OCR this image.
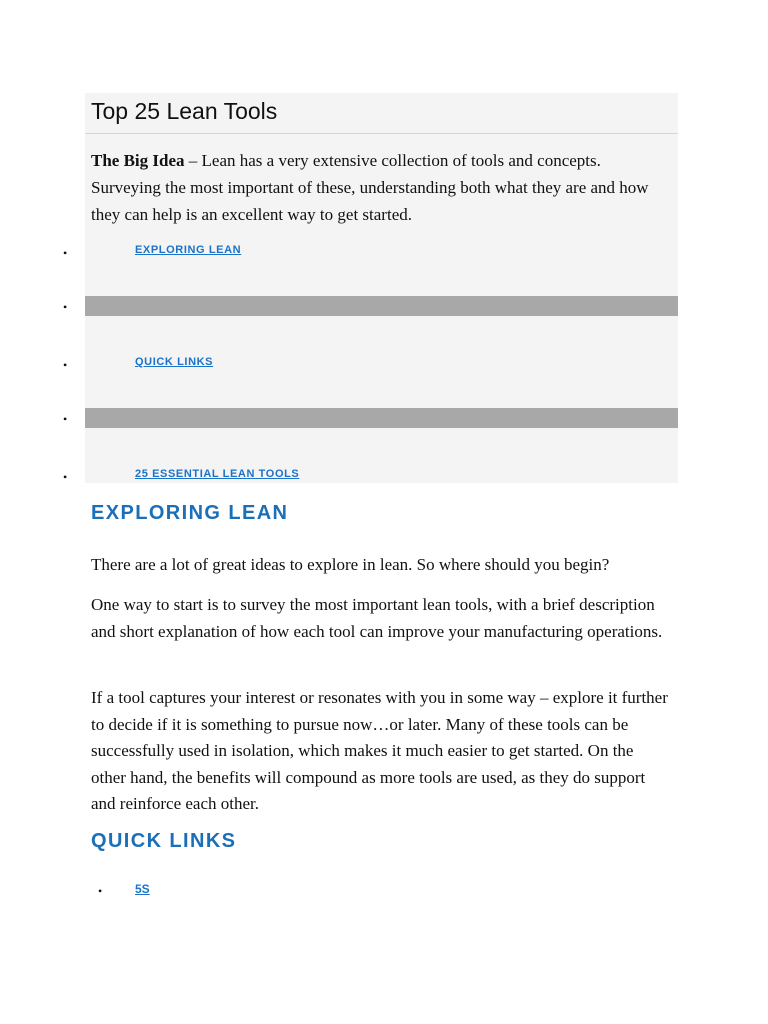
Top 25 Lean Tools

The Big Idea – Lean has a very extensive collection of tools and concepts. Surveying the most important of these, understanding both what they are and how they can help is an excellent way to get started.

•	EXPLORING LEAN
•
•	QUICK LINKS
•
•	25 ESSENTIAL LEAN TOOLS
EXPLORING LEAN

There are a lot of great ideas to explore in lean. So where should you begin?

One way to start is to survey the most important lean tools, with a brief description and short explanation of how each tool can improve your manufacturing operations.

If a tool captures your interest or resonates with you in some way – explore it further to decide if it is something to pursue now…or later. Many of these tools can be successfully used in isolation, which makes it much easier to get started. On the other hand, the benefits will compound as more tools are used, as they do support and reinforce each other.

QUICK LINKS
•	5S
